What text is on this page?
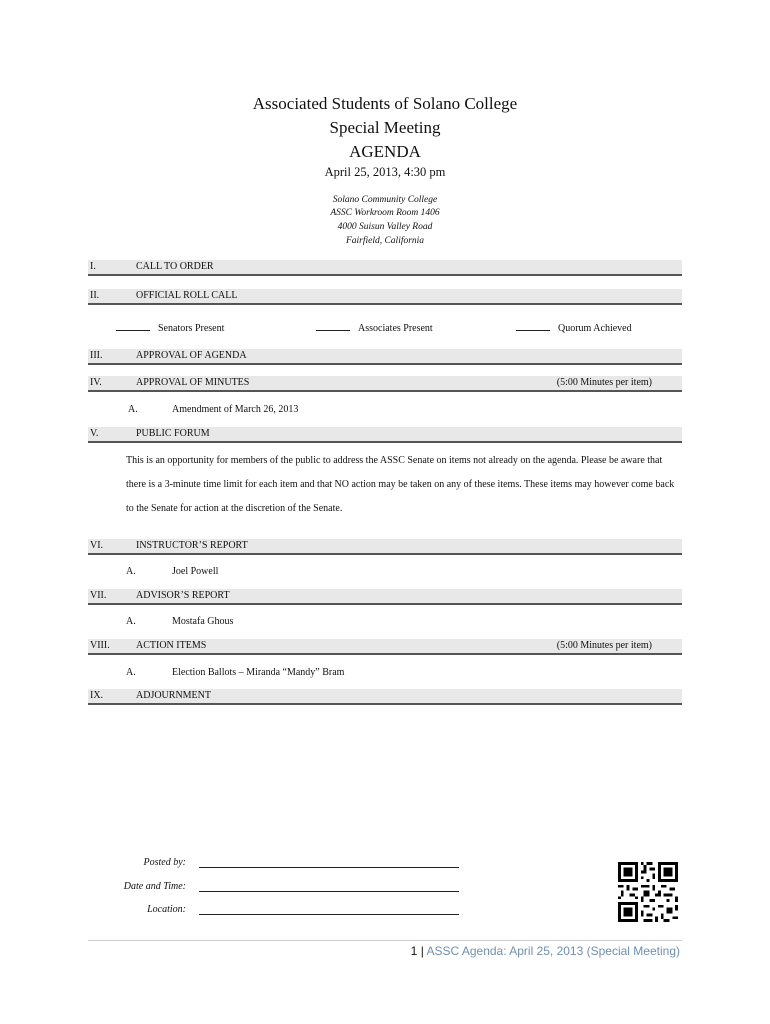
Associated Students of Solano College
Special Meeting
AGENDA
April 25, 2013, 4:30 pm
Solano Community College
ASSC Workroom Room 1406
4000 Suisun Valley Road
Fairfield, California
I.	CALL TO ORDER
II.	OFFICIAL ROLL CALL
Senators Present	Associates Present	Quorum Achieved
III.	APPROVAL OF AGENDA
IV.	APPROVAL OF MINUTES	(5:00 Minutes per item)
A.	Amendment of March 26, 2013
V.	PUBLIC FORUM
This is an opportunity for members of the public to address the ASSC Senate on items not already on the agenda. Please be aware that there is a 3-minute time limit for each item and that NO action may be taken on any of these items. These items may however come back to the Senate for action at the discretion of the Senate.
VI.	INSTRUCTOR’S REPORT
A.	Joel Powell
VII.	ADVISOR’S REPORT
A.	Mostafa Ghous
VIII.	ACTION ITEMS	(5:00 Minutes per item)
A.	Election Ballots – Miranda “Mandy” Bram
IX.	ADJOURNMENT
Posted by:
Date and Time:
Location:
1 | ASSC Agenda: April 25, 2013 (Special Meeting)
